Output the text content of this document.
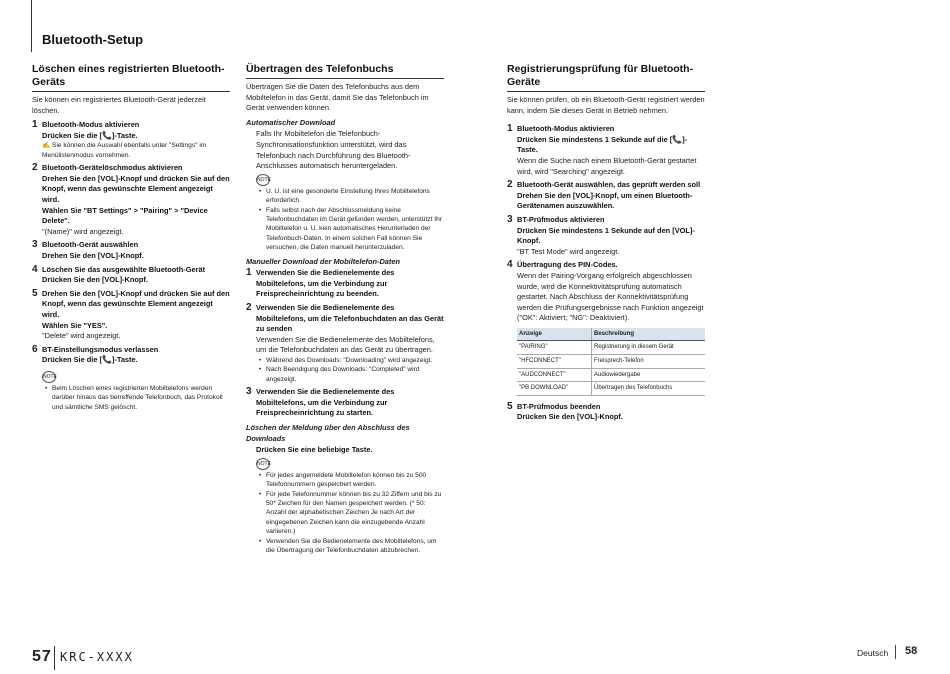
Bluetooth-Setup
Löschen eines registrierten Bluetooth-Geräts

Sie können ein registriertes Bluetooth-Gerät jederzeit löschen.

1 Bluetooth-Modus aktivieren

Drücken Sie die [📞]-Taste.

✍ Sie können die Auswahl ebenfalls unter "Settings" im Menülistenmodus vornehmen.

2 Bluetooth-Gerätelöschmodus aktivieren

Drehen Sie den [VOL]-Knopf und drücken Sie auf den Knopf, wenn das gewünschte Element angezeigt wird.

Wählen Sie "BT Settings" > "Pairing" > "Device Delete".

"(Name)" wird angezeigt.

3 Bluetooth-Gerät auswählen

Drehen Sie den [VOL]-Knopf.

4 Löschen Sie das ausgewählte Bluetooth-Gerät

Drücken Sie den [VOL]-Knopf.

5 Drehen Sie den [VOL]-Knopf und drücken Sie auf den Knopf, wenn das gewünschte Element angezeigt wird.

Wählen Sie "YES".

"Delete" wird angezeigt.

6 BT-Einstellungsmodus verlassen

Drücken Sie die [📞]-Taste.

NOTE
• Beim Löschen eines registrierten Mobiltelefons werden darüber hinaus das betreffende Telefonbuch, das Protokoll und sämtliche SMS gelöscht.
Übertragen des Telefonbuchs

Übertragen Sie die Daten des Telefonbuchs aus dem Mobiltelefon in das Gerät, damit Sie das Telefonbuch im Gerät verwenden können.

Automatischer Download

Falls Ihr Mobiltelefon die Telefonbuch-Synchronisationsfunktion unterstützt, wird das Telefonbuch nach Durchführung des Bluetooth-Anschlusses automatisch heruntergeladen.

NOTE
• U. U. ist eine gesonderte Einstellung Ihres Mobiltelefons erforderlich.
• Falls selbst nach der Abschlussmeldung keine Telefonbuchdaten im Gerät gefunden werden, unterstützt Ihr Mobiltelefon u. U. kein automatisches Herunterladen der Telefonbuch-Daten. In einem solchen Fall können Sie versuchen, die Daten manuell herunterzuladen.

Manueller Download der Mobiltelefon-Daten

1 Verwenden Sie die Bedienelemente des Mobiltelefons, um die Verbindung zur Freisprecheinrichtung zu beenden.

2 Verwenden Sie die Bedienelemente des Mobiltelefons, um die Telefonbuchdaten an das Gerät zu senden

Verwenden Sie die Bedienelemente des Mobiltelefons, um die Telefonbuchdaten an das Gerät zu übertragen.

• Während des Downloads: "Downloading" wird angezeigt.
• Nach Beendigung des Downloads: "Completed" wird angezeigt.
3 Verwenden Sie die Bedienelemente des Mobiltelefons, um die Verbindung zur Freisprecheinrichtung zu starten.

Löschen der Meldung über den Abschluss des Downloads

Drücken Sie eine beliebige Taste.

NOTE
• Für jedes angemeldete Mobiltelefon können bis zu 500 Telefonnummern gespeichert werden.
• Für jede Telefonnummer können bis zu 32 Ziffern und bis zu 50* Zeichen für den Namen gespeichert werden. (* 50: Anzahl der alphabetischen Zeichen Je nach Art der eingegebenen Zeichen kann die einzugebende Anzahl variieren.)
• Verwenden Sie die Bedienelemente des Mobiltelefons, um die Übertragung der Telefonbuchdaten abzubrechen.
Registrierungsprüfung für Bluetooth-Geräte

Sie können prüfen, ob ein Bluetooth-Gerät registriert werden kann, indem Sie dieses Gerät in Betrieb nehmen.

1 Bluetooth-Modus aktivieren

Drücken Sie mindestens 1 Sekunde auf die [📞]-Taste.

Wenn die Suche nach einem Bluetooth-Gerät gestartet wird, wird "Searching" angezeigt.

2 Bluetooth-Gerät auswählen, das geprüft werden soll

Drehen Sie den [VOL]-Knopf, um einen Bluetooth-Gerätenamen auszuwählen.

3 BT-Prüfmodus aktivieren

Drücken Sie mindestens 1 Sekunde auf den [VOL]-Knopf.

"BT Test Mode" wird angezeigt.

4 Übertragung des PIN-Codes.

Wenn der Pairing-Vorgang erfolgreich abgeschlossen wurde, wird die Konnektivitätsprüfung automatisch gestartet. Nach Abschluss der Konnektivitätsprüfung werden die Prüfungsergebnisse nach Funktion angezeigt ("OK": Aktiviert; "NG": Deaktiviert).

Anzeige	Beschreibung
"PAIRING"	Registrierung in diesem Gerät
"HFCONNECT"	Freisprech-Telefon
"AUDCONNECT"	Audiowiedergabe
"PB DOWNLOAD"	Übertragen des Telefonbuchs
5 BT-Prüfmodus beenden

Drücken Sie den [VOL]-Knopf.

57 KRC-XXXX	Deutsch 58
